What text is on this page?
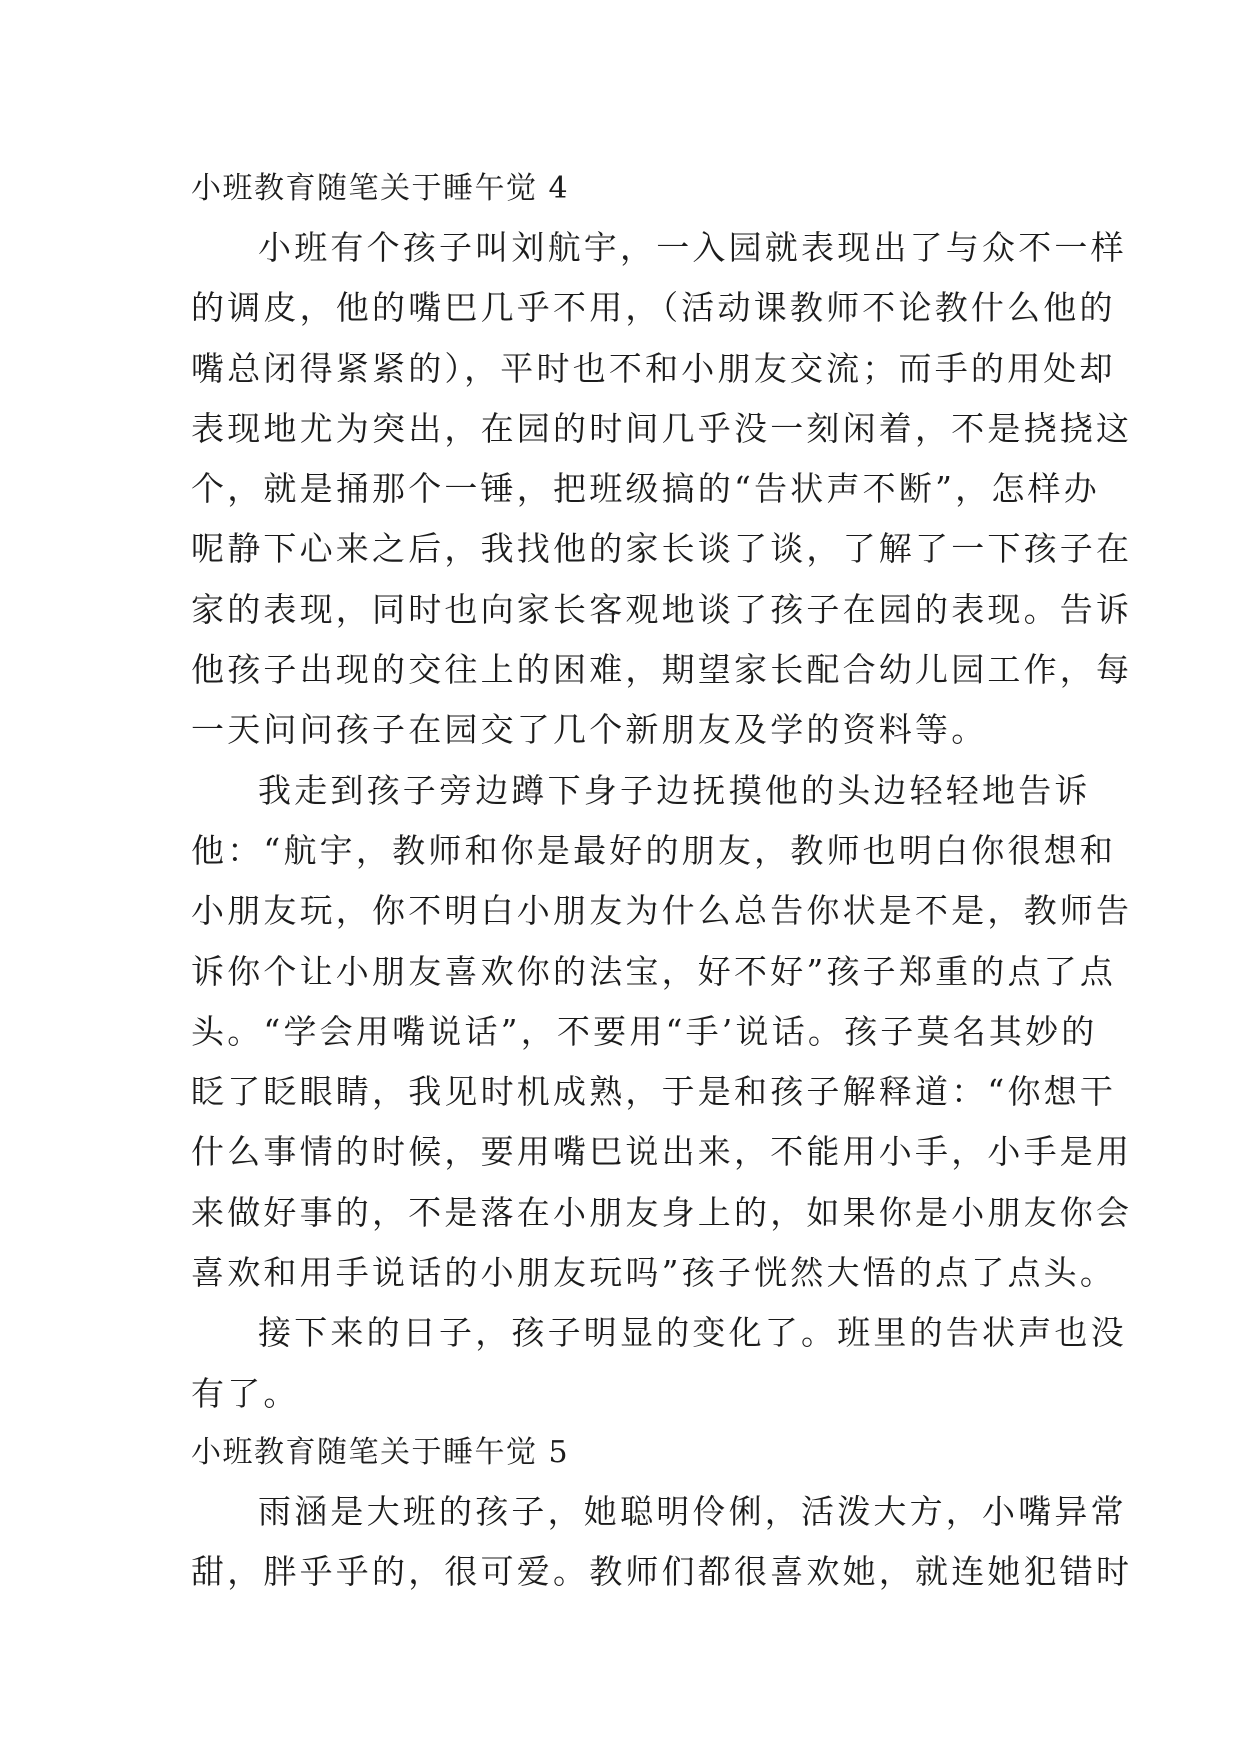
小班教育随笔关于睡午觉 4
小班有个孩子叫刘航宇，一入园就表现出了与众不一样
的调皮，他的嘴巴几乎不用，（活动课教师不论教什么他的
嘴总闭得紧紧的），平时也不和小朋友交流；而手的用处却
表现地尤为突出，在园的时间几乎没一刻闲着，不是挠挠这
个，就是捅那个一锤，把班级搞的“告状声不断”，怎样办
呢静下心来之后，我找他的家长谈了谈，了解了一下孩子在
家的表现，同时也向家长客观地谈了孩子在园的表现。告诉
他孩子出现的交往上的困难，期望家长配合幼儿园工作，每
一天问问孩子在园交了几个新朋友及学的资料等。
我走到孩子旁边蹲下身子边抚摸他的头边轻轻地告诉
他：“航宇，教师和你是最好的朋友，教师也明白你很想和
小朋友玩，你不明白小朋友为什么总告你状是不是，教师告
诉你个让小朋友喜欢你的法宝，好不好”孩子郑重的点了点
头。“学会用嘴说话”，不要用“手’说话。孩子莫名其妙的
眨了眨眼睛，我见时机成熟，于是和孩子解释道：“你想干
什么事情的时候，要用嘴巴说出来，不能用小手，小手是用
来做好事的，不是落在小朋友身上的，如果你是小朋友你会
喜欢和用手说话的小朋友玩吗”孩子恍然大悟的点了点头。
接下来的日子，孩子明显的变化了。班里的告状声也没
有了。
小班教育随笔关于睡午觉 5
雨涵是大班的孩子，她聪明伶俐，活泼大方，小嘴异常
甜，胖乎乎的，很可爱。教师们都很喜欢她，就连她犯错时
